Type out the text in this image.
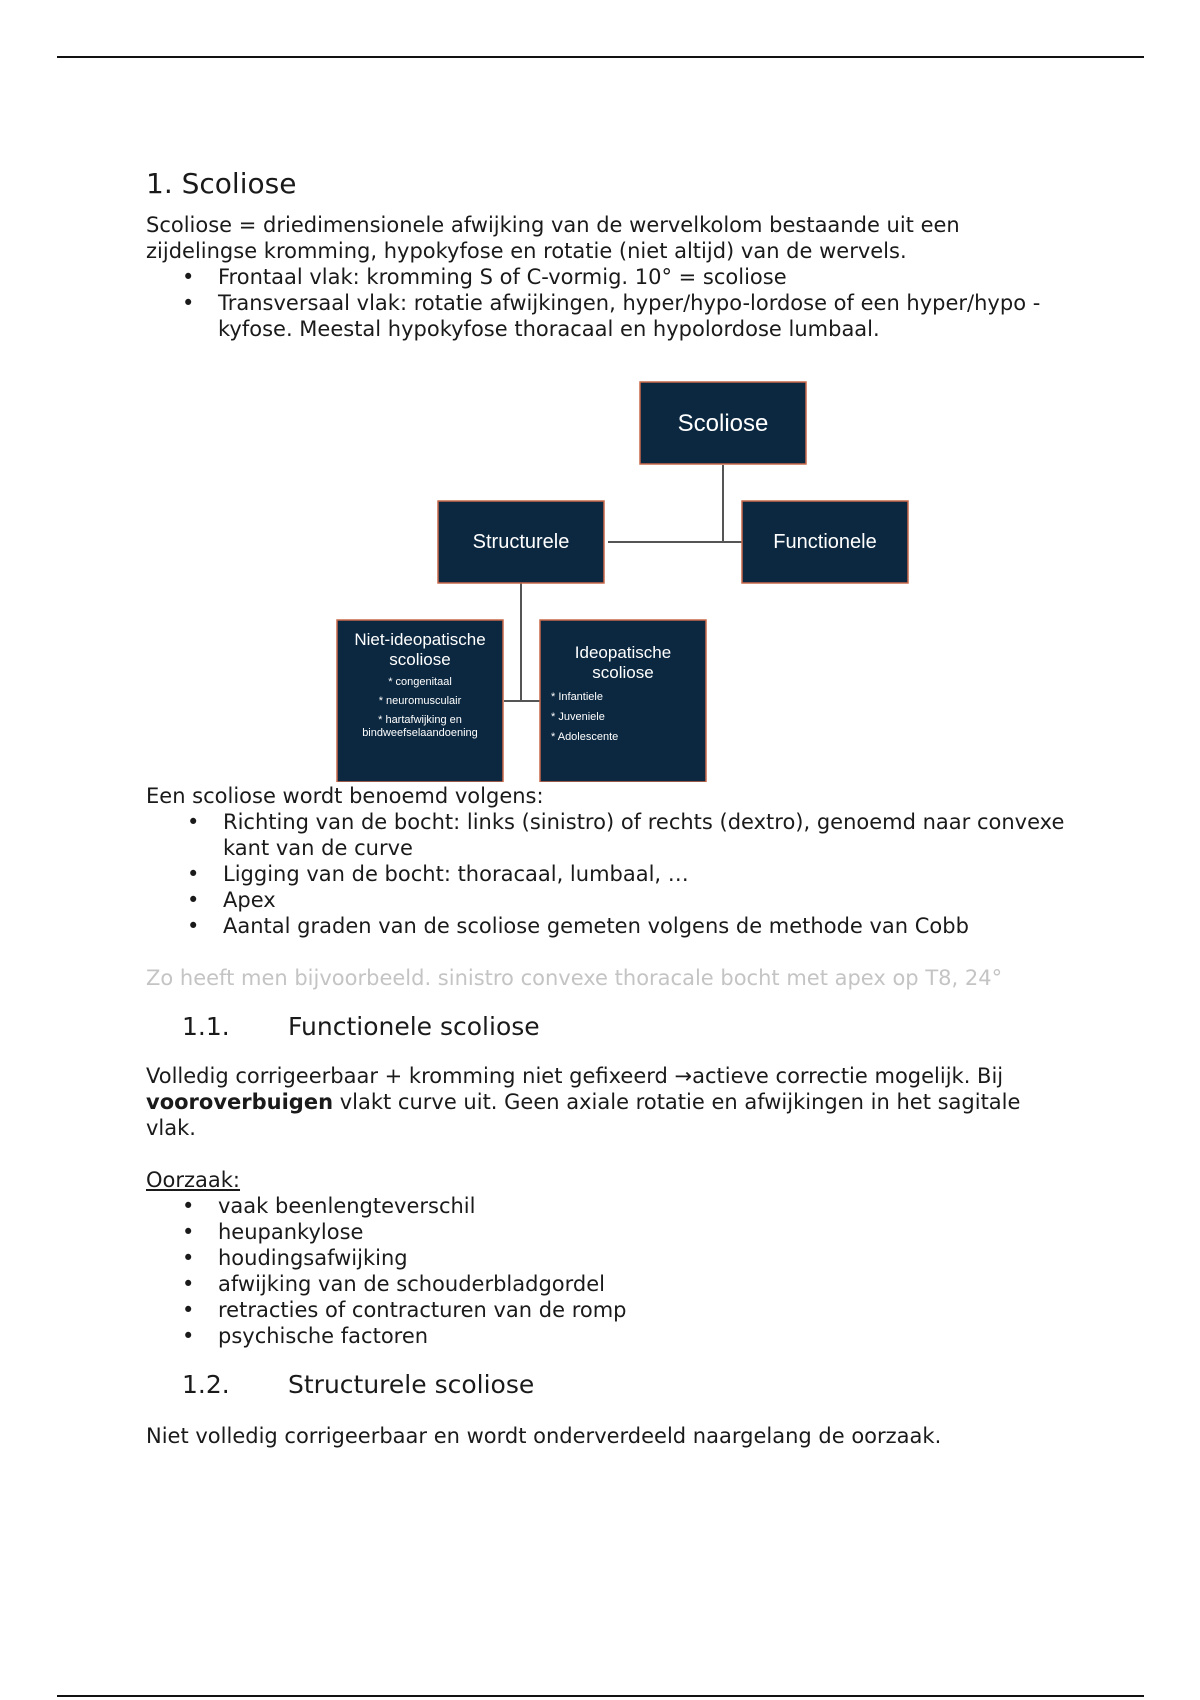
1. Scoliose

Scoliose = driedimensionele afwijking van de wervelkolom bestaande uit een zijdelingse kromming, hypokyfose en rotatie (niet altijd) van de wervels.

• Frontaal vlak: kromming S of C-vormig. 10° = scoliose
• Transversaal vlak: rotatie afwijkingen, hyper/hypo-lordose of een hyper/hypo -kyfose. Meestal hypokyfose thoracaal en hypolordose lumbaal.
Scoliose
Structurele	Functionele
Niet-ideopatische
scoliose
* congenitaal
* neuromusculair
* hartafwijking en
bindweefselaandoening
Ideopatische
scoliose
* Infantiele
* Juveniele
* Adolescente

Een scoliose wordt benoemd volgens:

• Richting van de bocht: links (sinistro) of rechts (dextro), genoemd naar convexe kant van de curve
• Ligging van de bocht: thoracaal, lumbaal, …
• Apex
• Aantal graden van de scoliose gemeten volgens de methode van Cobb

Zo heeft men bijvoorbeeld. sinistro convexe thoracale bocht met apex op T8, 24°

1.1.	Functionele scoliose

Volledig corrigeerbaar + kromming niet gefixeerd →actieve correctie mogelijk. Bij vooroverbuigen vlakt curve uit. Geen axiale rotatie en afwijkingen in het sagitale vlak.

Oorzaak:

• vaak beenlengteverschil
• heupankylose
• houdingsafwijking
• afwijking van de schouderbladgordel
• retracties of contracturen van de romp
• psychische factoren
1.2.	Structurele scoliose

Niet volledig corrigeerbaar en wordt onderverdeeld naargelang de oorzaak.
